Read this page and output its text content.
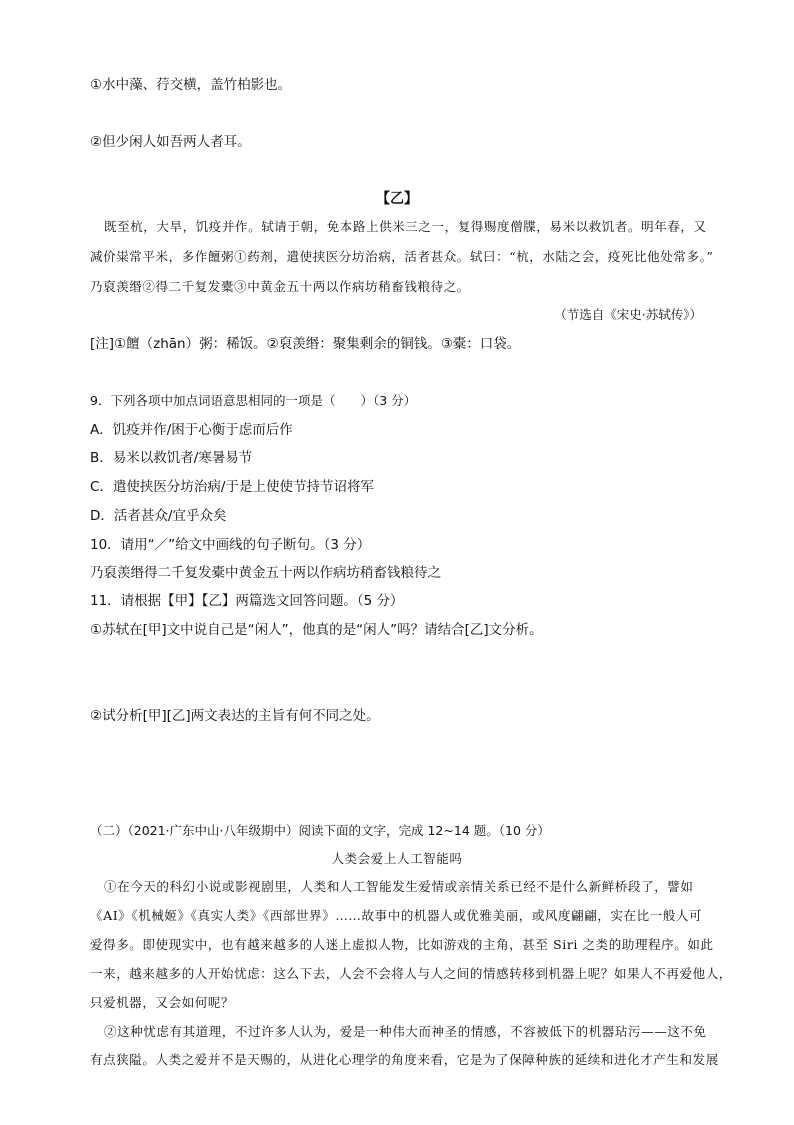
①水中藻、荇交横，盖竹柏影也。
②但少闲人如吾两人者耳。
【乙】
既至杭，大旱，饥疫并作。轼请于朝，免本路上供米三之一，复得赐度僧牒，易米以救饥者。明年春，又
减价粜常平米，多作饘粥①药剂，遣使挟医分坊治病，活者甚众。轼曰：“杭，水陆之会，疫死比他处常多。”
乃裒羡缗②得二千复发橐③中黄金五十两以作病坊稍畜钱粮待之。
（节选自《宋史·苏轼传》）
[注]①饘（zhān）粥：稀饭。②裒羡缗：聚集剩余的铜钱。③橐：口袋。
9．下列各项中加点词语意思相同的一项是（　　）（3 分）
A．饥疫并作/困于心衡于虑而后作
B．易米以救饥者/寒暑易节
C．遣使挟医分坊治病/于是上使使节持节诏将军
D．活者甚众/宜乎众矣
10．请用“／”给文中画线的句子断句。（3 分）
乃裒羡缗得二千复发橐中黄金五十两以作病坊稍畜钱粮待之
11．请根据【甲】【乙】两篇选文回答问题。（5 分）
①苏轼在[甲]文中说自己是“闲人”，他真的是“闲人”吗？请结合[乙]文分析。
②试分析[甲][乙]两文表达的主旨有何不同之处。
（二）（2021·广东中山·八年级期中）阅读下面的文字，完成 12~14 题。（10 分）
人类会爱上人工智能吗
①在今天的科幻小说或影视剧里，人类和人工智能发生爱情或亲情关系已经不是什么新鲜桥段了，譬如
《AI》《机械姬》《真实人类》《西部世界》……故事中的机器人或优雅美丽，或风度翩翩，实在比一般人可
爱得多。即使现实中，也有越来越多的人迷上虚拟人物，比如游戏的主角，甚至 Siri 之类的助理程序。如此
一来，越来越多的人开始忧虑：这么下去，人会不会将人与人之间的情感转移到机器上呢？如果人不再爱他人，
只爱机器，又会如何呢？
②这种忧虑有其道理，不过许多人认为，爱是一种伟大而神圣的情感，不容被低下的机器玷污——这不免
有点狭隘。人类之爱并不是天赐的，从进化心理学的角度来看，它是为了保障种族的延续和进化才产生和发展
